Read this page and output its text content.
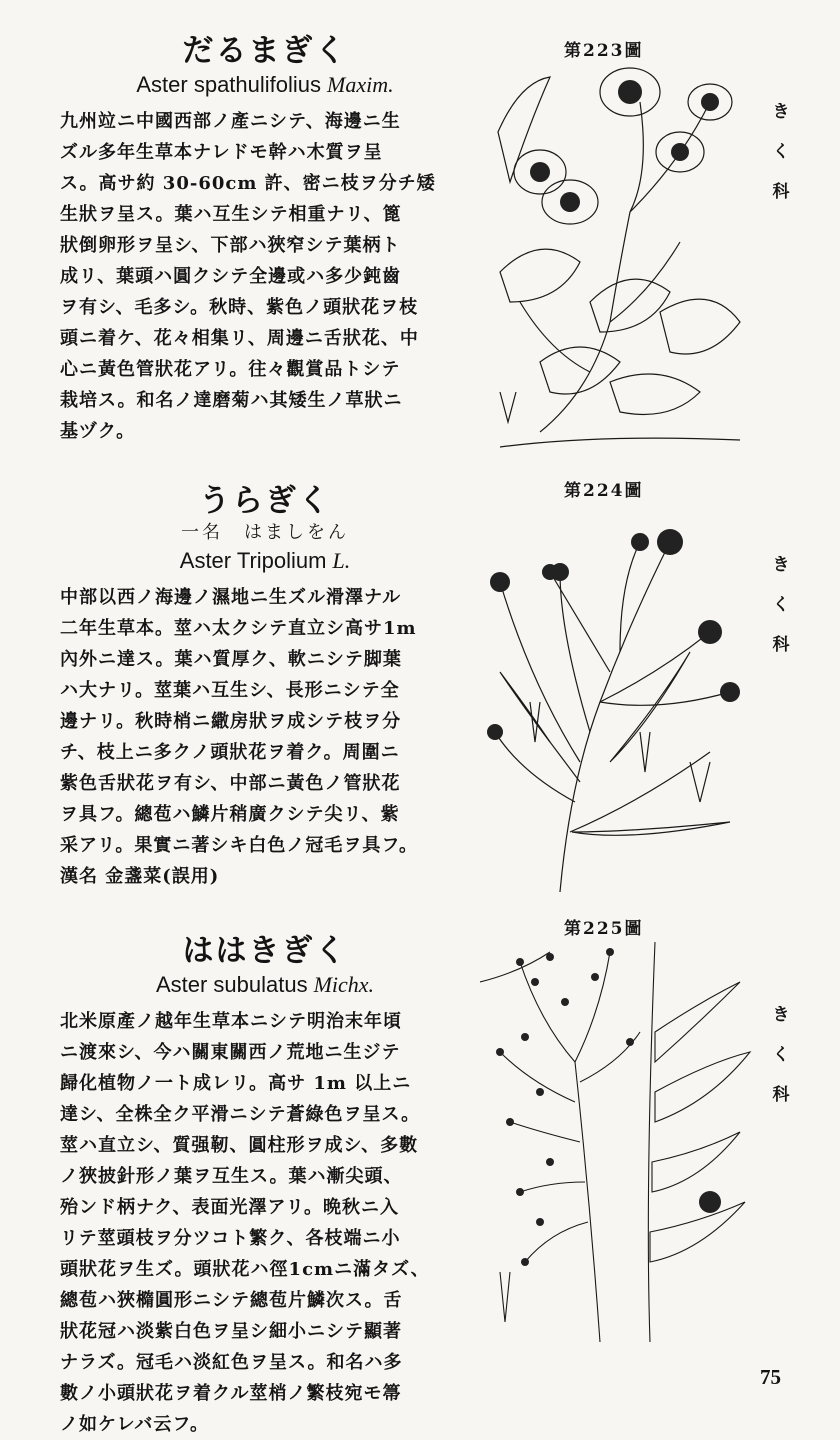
だるまぎく

Aster spathulifolius Maxim.

九州竝ニ中國西部ノ產ニシテ、海邊ニ生
ズル多年生草本ナレドモ幹ハ木質ヲ呈
ス。高サ約 30-60cm 許、密ニ枝ヲ分チ矮
生狀ヲ呈ス。葉ハ互生シテ相重ナリ、篦
狀倒卵形ヲ呈シ、下部ハ狹窄シテ葉柄ト
成リ、葉頭ハ圓クシテ全邊或ハ多少鈍齒
ヲ有シ、毛多シ。秋時、紫色ノ頭狀花ヲ枝
頭ニ着ケ、花々相集リ、周邊ニ舌狀花、中
心ニ黃色管狀花アリ。往々觀賞品トシテ
栽培ス。和名ノ達磨菊ハ其矮生ノ草狀ニ
基ヅク。
第223圖
き
く
科
うらぎく

一名　はましをん

Aster Tripolium L.

中部以西ノ海邊ノ濕地ニ生ズル滑澤ナル
二年生草本。莖ハ太クシテ直立シ高サ1m
內外ニ達ス。葉ハ質厚ク、軟ニシテ脚葉
ハ大ナリ。莖葉ハ互生シ、長形ニシテ全
邊ナリ。秋時梢ニ繖房狀ヲ成シテ枝ヲ分
チ、枝上ニ多クノ頭狀花ヲ着ク。周圍ニ
紫色舌狀花ヲ有シ、中部ニ黃色ノ管狀花
ヲ具フ。總苞ハ鱗片稍廣クシテ尖リ、紫
采アリ。果實ニ著シキ白色ノ冠毛ヲ具フ。
漢名 金盞菜(誤用)
第224圖
き
く
科
ははきぎく

Aster subulatus Michx.

北米原產ノ越年生草本ニシテ明治末年頃
ニ渡來シ、今ハ關東關西ノ荒地ニ生ジテ
歸化植物ノ一ト成レリ。高サ 1m 以上ニ
達シ、全株全ク平滑ニシテ蒼綠色ヲ呈ス。
莖ハ直立シ、質强靭、圓柱形ヲ成シ、多數
ノ狹披針形ノ葉ヲ互生ス。葉ハ漸尖頭、
殆ンド柄ナク、表面光澤アリ。晩秋ニ入
リテ莖頭枝ヲ分ツコト繁ク、各枝端ニ小
頭狀花ヲ生ズ。頭狀花ハ徑1cmニ滿タズ、
總苞ハ狹橢圓形ニシテ總苞片鱗次ス。舌
狀花冠ハ淡紫白色ヲ呈シ細小ニシテ顯著
ナラズ。冠毛ハ淡紅色ヲ呈ス。和名ハ多
數ノ小頭狀花ヲ着クル莖梢ノ繁枝宛モ箒
ノ如ケレバ云フ。
第225圖
き
く
科
75
